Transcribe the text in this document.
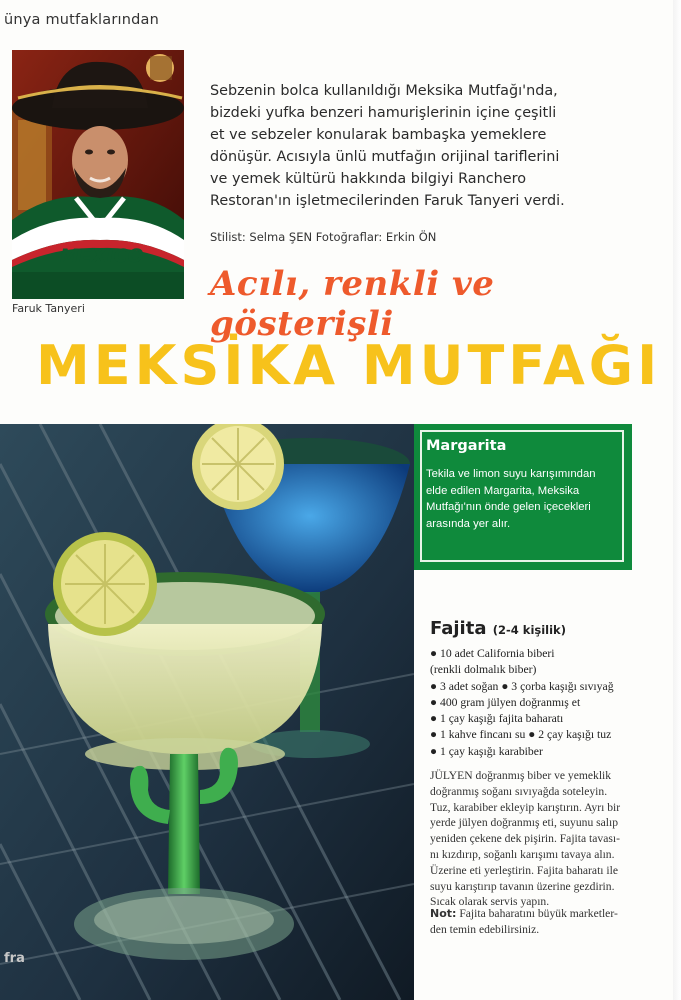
ünya mutfaklarından
MEXICO
Faruk Tanyeri
Sebzenin bolca kullanıldığı Meksika Mutfağı'nda,
bizdeki yufka benzeri hamurişlerinin içine çeşitli
et ve sebzeler konularak bambaşka yemeklere
dönüşür. Acısıyla ünlü mutfağın orijinal tariflerini
ve yemek kültürü hakkında bilgiyi Ranchero
Restoran'ın işletmecilerinden Faruk Tanyeri verdi.
Stilist: Selma ŞEN Fotoğraflar: Erkin ÖN
Acılı, renkli ve gösterişli
MEKSİKA MUTFAĞI
fra
Margarita
Tekila ve limon suyu karışımından
elde edilen Margarita, Meksika
Mutfağı'nın önde gelen içecekleri
arasında yer alır.
Fajita (2-4 kişilik)
● 10 adet California biberi
(renkli dolmalık biber)
● 3 adet soğan ● 3 çorba kaşığı sıvıyağ
● 400 gram jülyen doğranmış et
● 1 çay kaşığı fajita baharatı
● 1 kahve fincanı su ● 2 çay kaşığı tuz
● 1 çay kaşığı karabiber
JÜLYEN doğranmış biber ve yemeklik
doğranmış soğanı sıvıyağda soteleyin.
Tuz, karabiber ekleyip karıştırın. Ayrı bir
yerde jülyen doğranmış eti, suyunu salıp
yeniden çekene dek pişirin. Fajita tavası-
nı kızdırıp, soğanlı karışımı tavaya alın.
Üzerine eti yerleştirin. Fajita baharatı ile
suyu karıştırıp tavanın üzerine gezdirin.
Sıcak olarak servis yapın.
Not: Fajita baharatını büyük marketler-
den temin edebilirsiniz.
